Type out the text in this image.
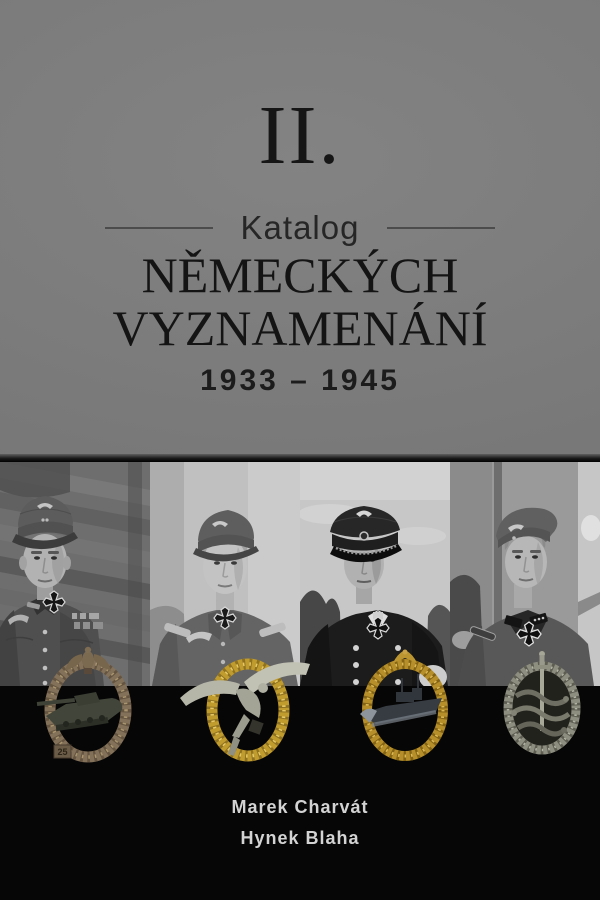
II.
Katalog
NĚMECKÝCH
VYZNAMENÁNÍ
1933 – 1945
25
Marek Charvát
Hynek Blaha
